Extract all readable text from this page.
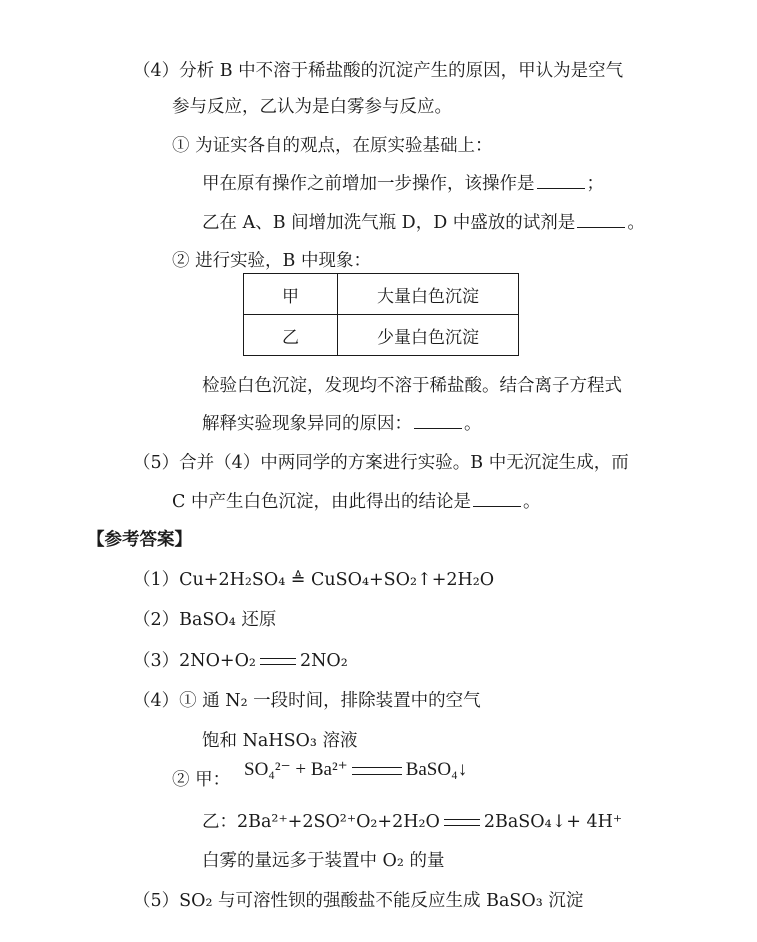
（4）分析 B 中不溶于稀盐酸的沉淀产生的原因，甲认为是空气
参与反应，乙认为是白雾参与反应。
① 为证实各自的观点，在原实验基础上：
甲在原有操作之前增加一步操作，该操作是	；
乙在 A、B 间增加洗气瓶 D，D 中盛放的试剂是	。
② 进行实验，B 中现象：
甲	大量白色沉淀
乙	少量白色沉淀
检验白色沉淀，发现均不溶于稀盐酸。结合离子方程式
解释实验现象异同的原因：	。
（5）合并（4）中两同学的方案进行实验。B 中无沉淀生成，而
C 中产生白色沉淀，由此得出的结论是	。
【参考答案】
（1）Cu+2H₂SO₄ ≜ CuSO₄+SO₂↑+2H₂O
（2）BaSO₄ 还原
（3）2NO+O₂	2NO₂
（4）① 通 N₂ 一段时间，排除装置中的空气
饱和 NaHSO₃ 溶液
② 甲： SO₄²⁻ + Ba²⁺	BaSO₄↓
乙：2Ba²⁺+2SO²⁺O₂+2H₂O	2BaSO₄↓+ 4H⁺
白雾的量远多于装置中 O₂ 的量
（5）SO₂ 与可溶性钡的强酸盐不能反应生成 BaSO₃ 沉淀
